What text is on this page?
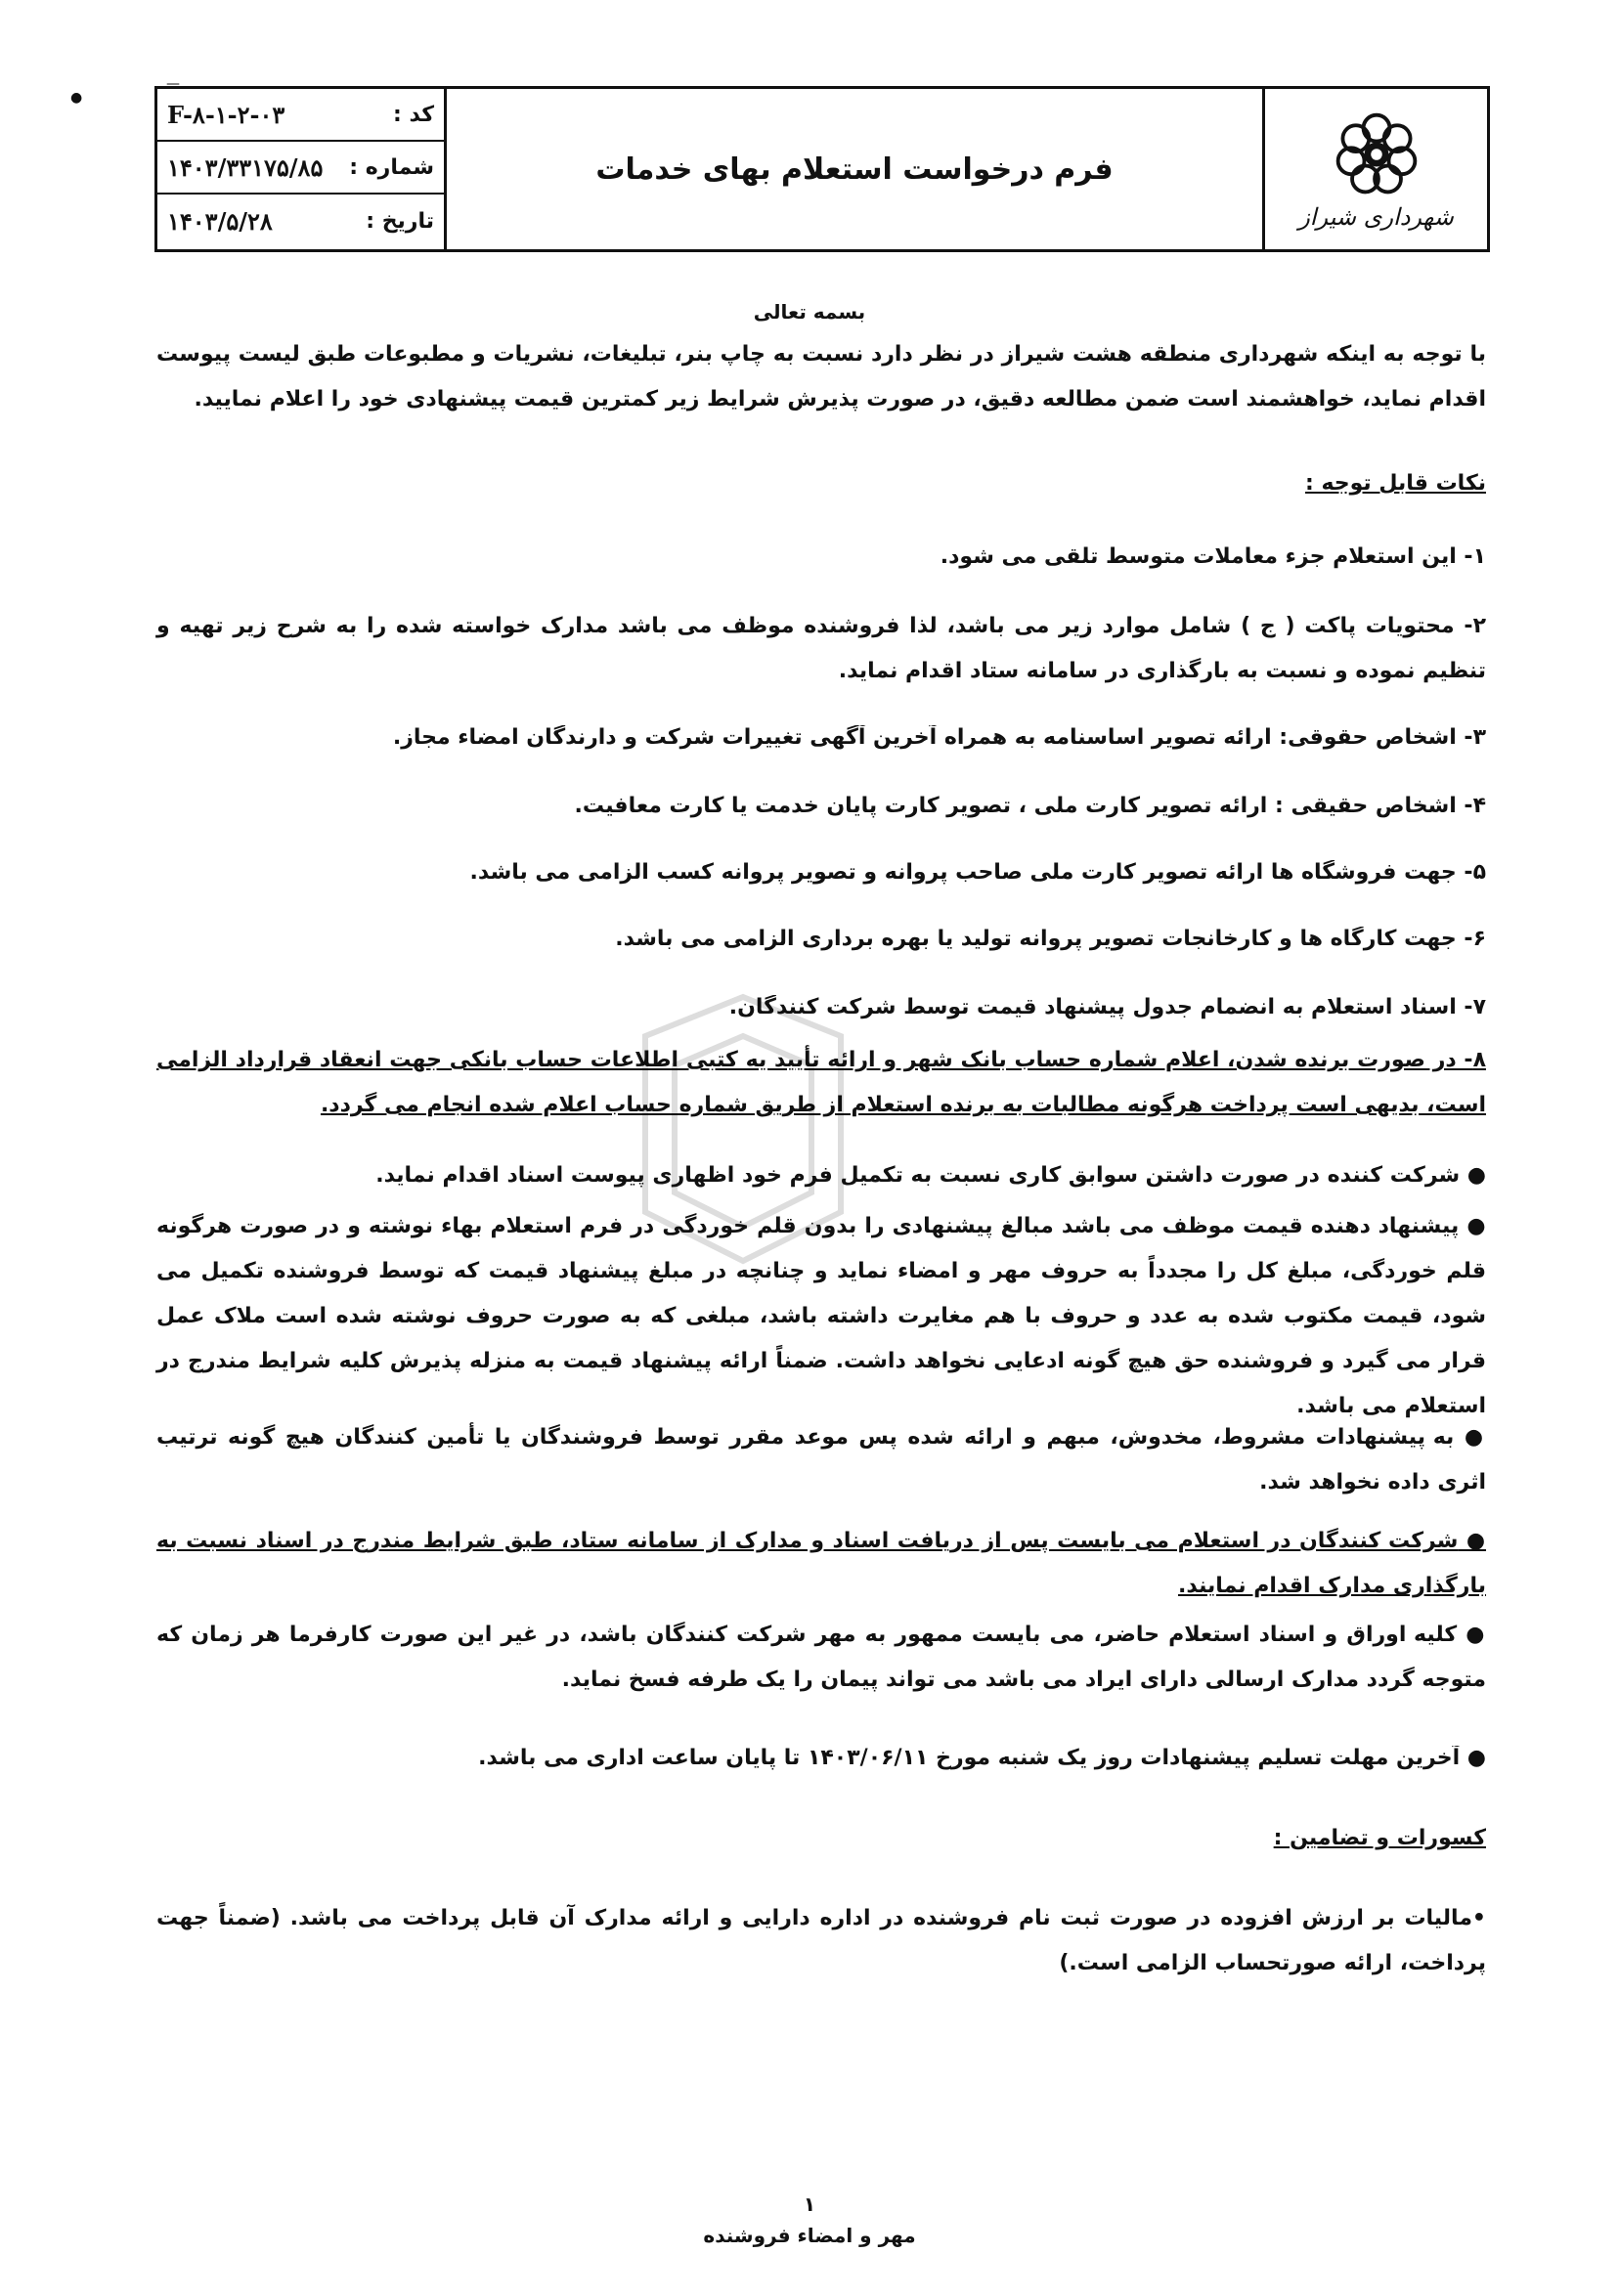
●
—
کد :
F-۸-۱-۲-۰۳
شماره :
۱۴۰۳/۳۳۱۷۵/۸۵
تاریخ :
۱۴۰۳/۵/۲۸
فرم درخواست استعلام بهای خدمات
شهرداری شیراز
بسمه تعالی
با توجه به اینکه شهرداری منطقه هشت شیراز در نظر دارد نسبت به چاپ بنر، تبلیغات، نشریات و مطبوعات طبق لیست پیوست اقدام نماید، خواهشمند است ضمن مطالعه دقیق، در صورت پذیرش شرایط زیر کمترین قیمت پیشنهادی خود را اعلام نمایید.
نکات قابل توجه :
۱- این استعلام جزء معاملات متوسط تلقی می شود.
۲- محتویات پاکت ( ج ) شامل موارد زیر می باشد، لذا فروشنده موظف می باشد مدارک خواسته شده را به شرح زیر تهیه و تنظیم نموده و نسبت به بارگذاری در سامانه ستاد اقدام نماید.
۳- اشخاص حقوقی: ارائه تصویر اساسنامه به همراه آخرین آگهی تغییرات شرکت و دارندگان امضاء مجاز.
۴- اشخاص حقیقی : ارائه تصویر کارت ملی ، تصویر کارت پایان خدمت یا کارت معافیت.
۵- جهت فروشگاه ها ارائه تصویر کارت ملی صاحب پروانه و تصویر پروانه کسب الزامی می باشد.
۶- جهت کارگاه ها و کارخانجات تصویر پروانه تولید یا بهره برداری الزامی می باشد.
۷- اسناد استعلام به انضمام جدول پیشنهاد قیمت توسط شرکت کنندگان.
۸- در صورت برنده شدن، اعلام شماره حساب بانک شهر و ارائه تأیید یه کتبی اطلاعات حساب بانکی جهت انعقاد قرارداد الزامی است، بدیهی است پرداخت هرگونه مطالبات به برنده استعلام از طریق شماره حساب اعلام شده انجام می گردد.
● شرکت کننده در صورت داشتن سوابق کاری نسبت به تکمیل فرم خود اظهاری پیوست اسناد اقدام نماید.
● پیشنهاد دهنده قیمت موظف می باشد مبالغ پیشنهادی را بدون قلم خوردگی در فرم استعلام بهاء نوشته و در صورت هرگونه قلم خوردگی، مبلغ کل را مجدداً به حروف مهر و امضاء نماید و چنانچه در مبلغ پیشنهاد قیمت که توسط فروشنده تکمیل می شود، قیمت مکتوب شده به عدد و حروف با هم مغایرت داشته باشد، مبلغی که به صورت حروف نوشته شده است ملاک عمل قرار می گیرد و فروشنده حق هیچ گونه ادعایی نخواهد داشت. ضمناً ارائه پیشنهاد قیمت به منزله پذیرش کلیه شرایط مندرج در استعلام می باشد.
● به پیشنهادات مشروط، مخدوش، مبهم و ارائه شده پس موعد مقرر توسط فروشندگان یا تأمین کنندگان هیچ گونه ترتیب اثری داده نخواهد شد.
● شرکت کنندگان در استعلام می بایست پس از دریافت اسناد و مدارک از سامانه ستاد، طبق شرایط مندرج در اسناد نسبت به بارگذاری مدارک اقدام نمایند.
● کلیه اوراق و اسناد استعلام حاضر، می بایست ممهور به مهر شرکت کنندگان باشد، در غیر این صورت کارفرما هر زمان که متوجه گردد مدارک ارسالی دارای ایراد می باشد می تواند پیمان را یک طرفه فسخ نماید.
● آخرین مهلت تسلیم پیشنهادات روز یک شنبه مورخ ۱۴۰۳/۰۶/۱۱ تا پایان ساعت اداری می باشد.
کسورات و تضامین :
•مالیات بر ارزش افزوده در صورت ثبت نام فروشنده در اداره دارایی و ارائه مدارک آن قابل پرداخت می باشد. (ضمناً جهت پرداخت، ارائه صورتحساب الزامی است.)
۱
مهر و امضاء فروشنده
